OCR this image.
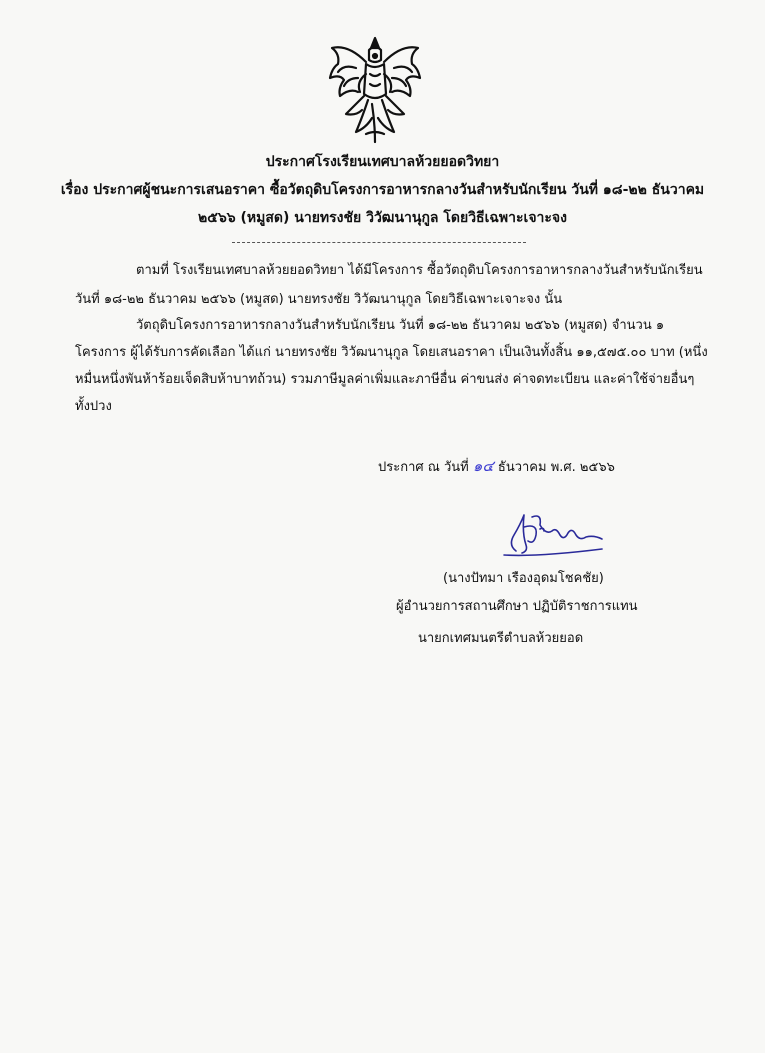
ประกาศโรงเรียนเทศบาลห้วยยอดวิทยา
เรื่อง ประกาศผู้ชนะการเสนอราคา ซื้อวัตถุดิบโครงการอาหารกลางวันสำหรับนักเรียน วันที่ ๑๘-๒๒ ธันวาคม
๒๕๖๖ (หมูสด) นายทรงชัย วิวัฒนานุกูล โดยวิธีเฉพาะเจาะจง
ตามที่ โรงเรียนเทศบาลห้วยยอดวิทยา ได้มีโครงการ ซื้อวัตถุดิบโครงการอาหารกลางวันสำหรับนักเรียน
วันที่ ๑๘-๒๒ ธันวาคม ๒๕๖๖ (หมูสด) นายทรงชัย วิวัฒนานุกูล โดยวิธีเฉพาะเจาะจง นั้น
วัตถุดิบโครงการอาหารกลางวันสำหรับนักเรียน วันที่ ๑๘-๒๒ ธันวาคม ๒๕๖๖ (หมูสด) จำนวน ๑
โครงการ ผู้ได้รับการคัดเลือก ได้แก่ นายทรงชัย วิวัฒนานุกูล โดยเสนอราคา เป็นเงินทั้งสิ้น ๑๑,๕๗๕.๐๐ บาท (หนึ่ง
หมื่นหนึ่งพันห้าร้อยเจ็ดสิบห้าบาทถ้วน) รวมภาษีมูลค่าเพิ่มและภาษีอื่น ค่าขนส่ง ค่าจดทะเบียน และค่าใช้จ่ายอื่นๆ
ทั้งปวง
ประกาศ ณ วันที่ ๑๔ ธันวาคม พ.ศ. ๒๕๖๖
(นางปัทมา เรืองอุดมโชคชัย)
ผู้อำนวยการสถานศึกษา ปฏิบัติราชการแทน
นายกเทศมนตรีตำบลห้วยยอด
